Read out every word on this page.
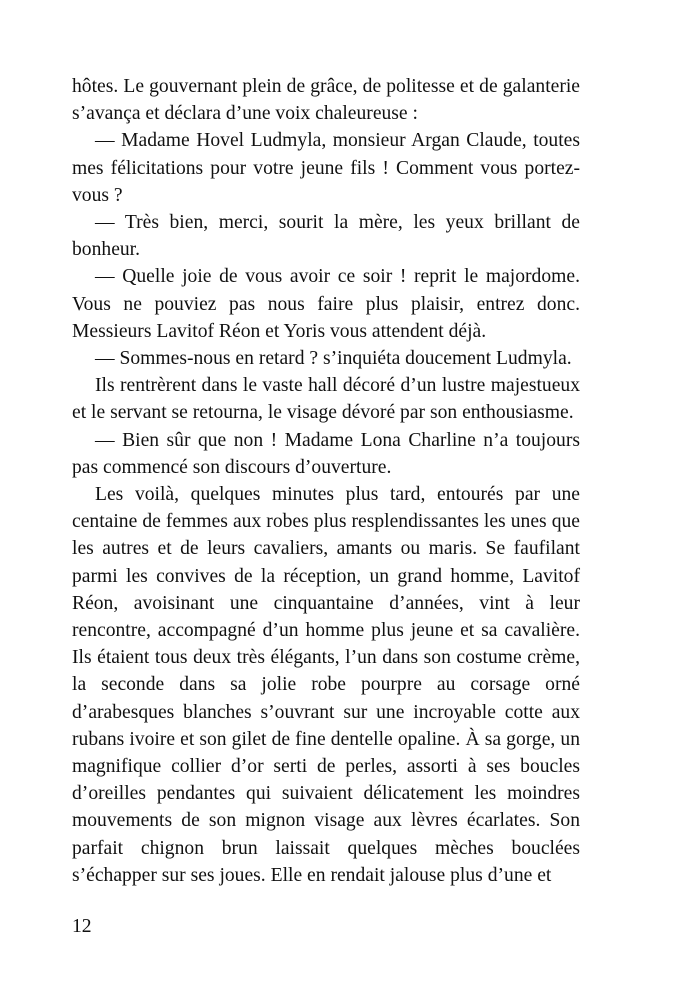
hôtes. Le gouvernant plein de grâce, de politesse et de galanterie s’avança et déclara d’une voix chaleureuse :

— Madame Hovel Ludmyla, monsieur Argan Claude, toutes mes félicitations pour votre jeune fils ! Comment vous portez-vous ?

— Très bien, merci, sourit la mère, les yeux brillant de bonheur.

— Quelle joie de vous avoir ce soir ! reprit le majordome. Vous ne pouviez pas nous faire plus plaisir, entrez donc. Messieurs Lavitof Réon et Yoris vous attendent déjà.

— Sommes-nous en retard ? s’inquiéta doucement Ludmyla.

Ils rentrèrent dans le vaste hall décoré d’un lustre majestueux et le servant se retourna, le visage dévoré par son enthousiasme.

— Bien sûr que non ! Madame Lona Charline n’a toujours pas commencé son discours d’ouverture.

Les voilà, quelques minutes plus tard, entourés par une centaine de femmes aux robes plus resplendissantes les unes que les autres et de leurs cavaliers, amants ou maris. Se faufilant parmi les convives de la réception, un grand homme, Lavitof Réon, avoisinant une cinquantaine d’années, vint à leur rencontre, accompagné d’un homme plus jeune et sa cavalière. Ils étaient tous deux très élégants, l’un dans son costume crème, la seconde dans sa jolie robe pourpre au corsage orné d’arabesques blanches s’ouvrant sur une incroyable cotte aux rubans ivoire et son gilet de fine dentelle opaline. À sa gorge, un magnifique collier d’or serti de perles, assorti à ses boucles d’oreilles pendantes qui suivaient délicatement les moindres mouvements de son mignon visage aux lèvres écarlates. Son parfait chignon brun laissait quelques mèches bouclées s’échapper sur ses joues. Elle en rendait jalouse plus d’une et

12
